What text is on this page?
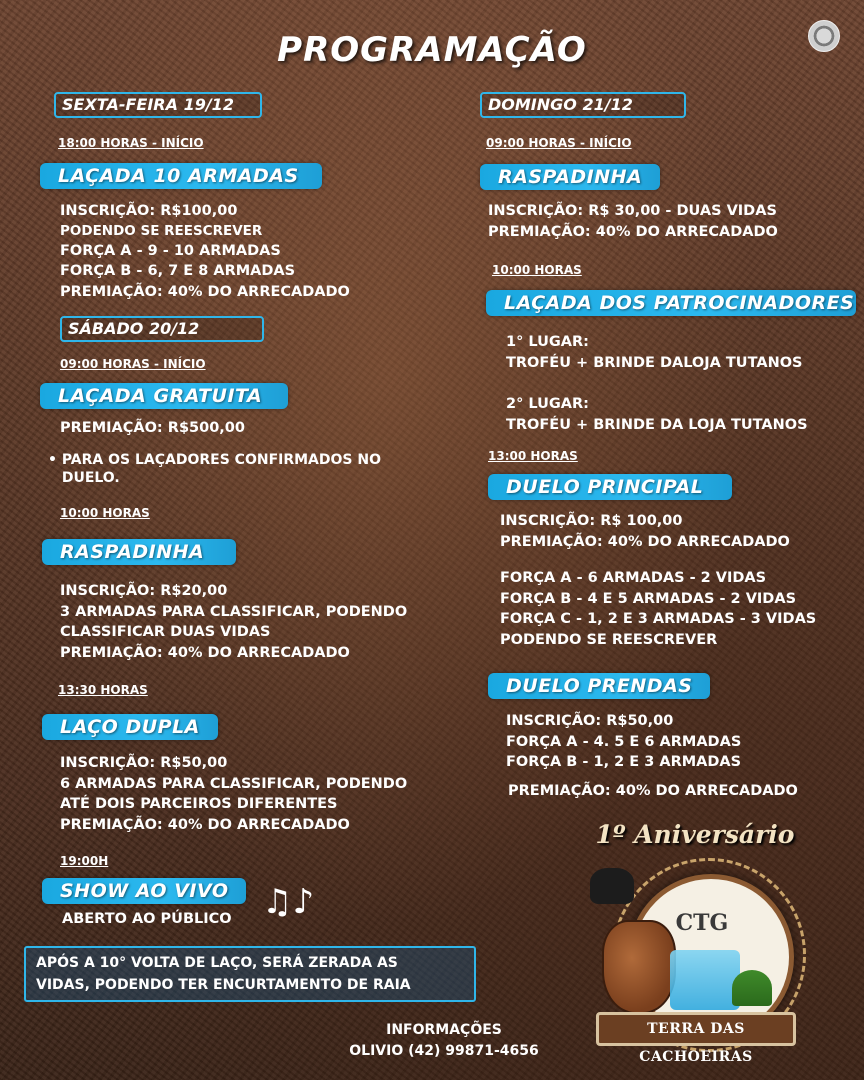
PROGRAMAÇÃO
SEXTA-FEIRA 19/12
18:00 HORAS - INÍCIO
LAÇADA 10 ARMADAS
INSCRIÇÃO: R$100,00
PODENDO SE REESCREVER
FORÇA A - 9 - 10 ARMADAS
FORÇA B - 6, 7 E 8 ARMADAS
PREMIAÇÃO: 40% DO ARRECADADO
SÁBADO 20/12
09:00 HORAS - INÍCIO
LAÇADA GRATUITA
PREMIAÇÃO: R$500,00
• PARA OS LAÇADORES CONFIRMADOS NO DUELO.
10:00 HORAS
RASPADINHA
INSCRIÇÃO: R$20,00
3 ARMADAS PARA CLASSIFICAR, PODENDO
CLASSIFICAR DUAS VIDAS
PREMIAÇÃO: 40% DO ARRECADADO
13:30 HORAS
LAÇO DUPLA
INSCRIÇÃO: R$50,00
6 ARMADAS PARA CLASSIFICAR, PODENDO
ATÉ DOIS PARCEIROS DIFERENTES
PREMIAÇÃO: 40% DO ARRECADADO
19:00H
SHOW AO VIVO
ABERTO AO PÚBLICO ♫♪
APÓS A 10° VOLTA DE LAÇO, SERÁ ZERADA AS
VIDAS, PODENDO TER ENCURTAMENTO DE RAIA
INFORMAÇÕES
OLIVIO (42) 99871-4656
DOMINGO 21/12
09:00 HORAS - INÍCIO
RASPADINHA
INSCRIÇÃO: R$ 30,00 - DUAS VIDAS
PREMIAÇÃO: 40% DO ARRECADADO
10:00 HORAS
LAÇADA DOS PATROCINADORES
1° LUGAR:
TROFÉU + BRINDE DALOJA TUTANOS
2° LUGAR:
TROFÉU + BRINDE DA LOJA TUTANOS
13:00 HORAS
DUELO PRINCIPAL
INSCRIÇÃO: R$ 100,00
PREMIAÇÃO: 40% DO ARRECADADO
FORÇA A - 6 ARMADAS - 2 VIDAS
FORÇA B - 4 E 5 ARMADAS - 2 VIDAS
FORÇA C - 1, 2 E 3 ARMADAS - 3 VIDAS
PODENDO SE REESCREVER
DUELO PRENDAS
INSCRIÇÃO: R$50,00
FORÇA A - 4. 5 E 6 ARMADAS
FORÇA B - 1, 2 E 3 ARMADAS
PREMIAÇÃO: 40% DO ARRECADADO
1º Aniversário
CTG
TERRA DAS CACHOEIRAS
